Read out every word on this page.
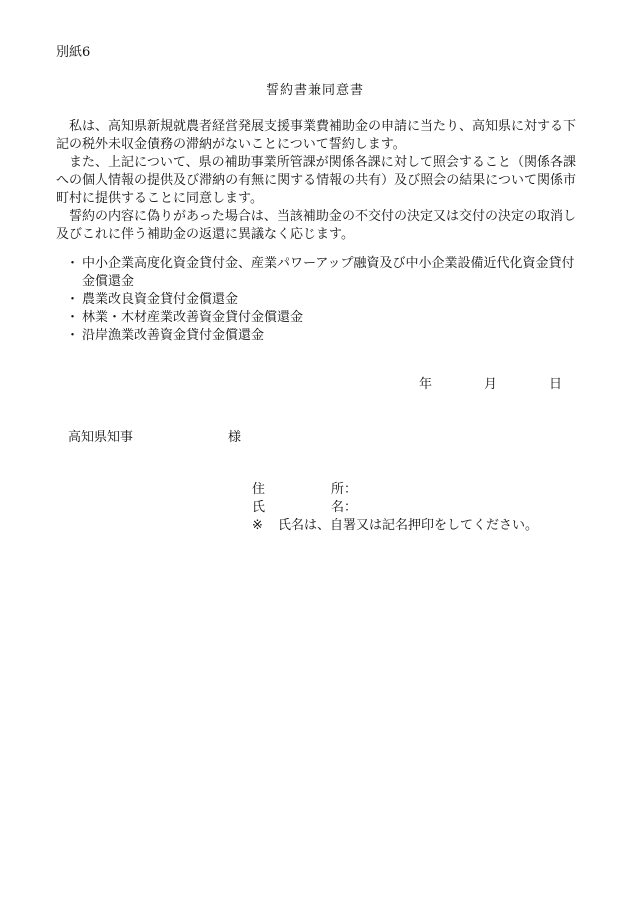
別紙6
誓約書兼同意書

私は、高知県新規就農者経営発展支援事業費補助金の申請に当たり、高知県に対する下記の税外未収金債務の滞納がないことについて誓約します。

また、上記について、県の補助事業所管課が関係各課に対して照会すること（関係各課への個人情報の提供及び滞納の有無に関する情報の共有）及び照会の結果について関係市町村に提供することに同意します。

誓約の内容に偽りがあった場合は、当該補助金の不交付の決定又は交付の決定の取消し及びこれに伴う補助金の返還に異議なく応じます。

・ 中小企業高度化資金貸付金、産業パワーアップ融資及び中小企業設備近代化資金貸付金償還金
・ 農業改良資金貸付金償還金
・ 林業・木材産業改善資金貸付金償還金
・ 沿岸漁業改善資金貸付金償還金
年	月	日
高知県知事	様
住	所 ：
氏	名 ：
※	氏名は、自署又は記名押印をしてください。
